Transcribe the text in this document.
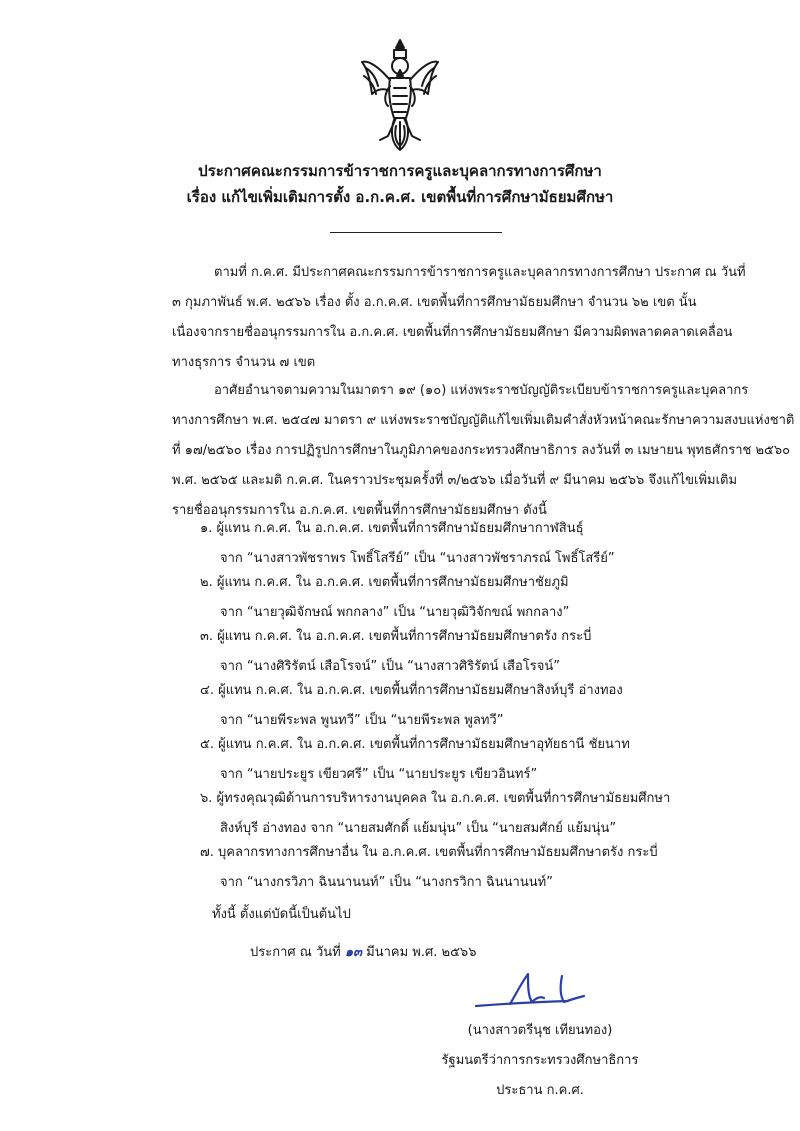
ประกาศคณะกรรมการข้าราชการครูและบุคลากรทางการศึกษา
เรื่อง แก้ไขเพิ่มเติมการตั้ง อ.ก.ค.ศ. เขตพื้นที่การศึกษามัธยมศึกษา
ตามที่ ก.ค.ศ. มีประกาศคณะกรรมการข้าราชการครูและบุคลากรทางการศึกษา ประกาศ ณ วันที่
๓ กุมภาพันธ์ พ.ศ. ๒๕๖๖ เรื่อง ตั้ง อ.ก.ค.ศ. เขตพื้นที่การศึกษามัธยมศึกษา จำนวน ๖๒ เขต นั้น
เนื่องจากรายชื่ออนุกรรมการใน อ.ก.ค.ศ. เขตพื้นที่การศึกษามัธยมศึกษา มีความผิดพลาดคลาดเคลื่อน
ทางธุรการ จำนวน ๗ เขต
อาศัยอำนาจตามความในมาตรา ๑๙ (๑๐) แห่งพระราชบัญญัติระเบียบข้าราชการครูและบุคลากร
ทางการศึกษา พ.ศ. ๒๕๔๗ มาตรา ๙ แห่งพระราชบัญญัติแก้ไขเพิ่มเติมคำสั่งหัวหน้าคณะรักษาความสงบแห่งชาติ
ที่ ๑๗/๒๕๖๐ เรื่อง การปฏิรูปการศึกษาในภูมิภาคของกระทรวงศึกษาธิการ ลงวันที่ ๓ เมษายน พุทธศักราช ๒๕๖๐
พ.ศ. ๒๕๖๕ และมติ ก.ค.ศ. ในคราวประชุมครั้งที่ ๓/๒๕๖๖ เมื่อวันที่ ๙ มีนาคม ๒๕๖๖ จึงแก้ไขเพิ่มเติม
รายชื่ออนุกรรมการใน อ.ก.ค.ศ. เขตพื้นที่การศึกษามัธยมศึกษา ดังนี้
๑. ผู้แทน ก.ค.ศ. ใน อ.ก.ค.ศ. เขตพื้นที่การศึกษามัธยมศึกษากาฬสินธุ์
จาก “นางสาวพัชราพร โพธิ์โสรีย์” เป็น “นางสาวพัชราภรณ์ โพธิ์โสรีย์”
๒. ผู้แทน ก.ค.ศ. ใน อ.ก.ค.ศ. เขตพื้นที่การศึกษามัธยมศึกษาชัยภูมิ
จาก “นายวุฒิจักษณ์ พกกลาง” เป็น “นายวุฒิวิจักขณ์ พกกลาง”
๓. ผู้แทน ก.ค.ศ. ใน อ.ก.ค.ศ. เขตพื้นที่การศึกษามัธยมศึกษาตรัง กระบี่
จาก “นางศิริรัตน์ เสือโรจน์” เป็น “นางสาวศิริรัตน์ เสือโรจน์”
๔. ผู้แทน ก.ค.ศ. ใน อ.ก.ค.ศ. เขตพื้นที่การศึกษามัธยมศึกษาสิงห์บุรี อ่างทอง
จาก “นายพีระพล พูนทวี” เป็น “นายพีระพล พูลทวี”
๕. ผู้แทน ก.ค.ศ. ใน อ.ก.ค.ศ. เขตพื้นที่การศึกษามัธยมศึกษาอุทัยธานี ชัยนาท
จาก “นายประยูร เขียวศรี” เป็น “นายประยูร เขียวอินทร์”
๖. ผู้ทรงคุณวุฒิด้านการบริหารงานบุคคล ใน อ.ก.ค.ศ. เขตพื้นที่การศึกษามัธยมศึกษา
สิงห์บุรี อ่างทอง จาก “นายสมศักดิ์ แย้มนุ่น” เป็น “นายสมศักย์ แย้มนุ่น”
๗. บุคลากรทางการศึกษาอื่น ใน อ.ก.ค.ศ. เขตพื้นที่การศึกษามัธยมศึกษาตรัง กระบี่
จาก “นางกรวิภา ฉินนานนท์” เป็น “นางกรวิกา ฉินนานนท์”
ทั้งนี้ ตั้งแต่บัดนี้เป็นต้นไป
ประกาศ ณ วันที่ ๑๓ มีนาคม พ.ศ. ๒๕๖๖
(นางสาวตรีนุช เทียนทอง)
รัฐมนตรีว่าการกระทรวงศึกษาธิการ
ประธาน ก.ค.ศ.
